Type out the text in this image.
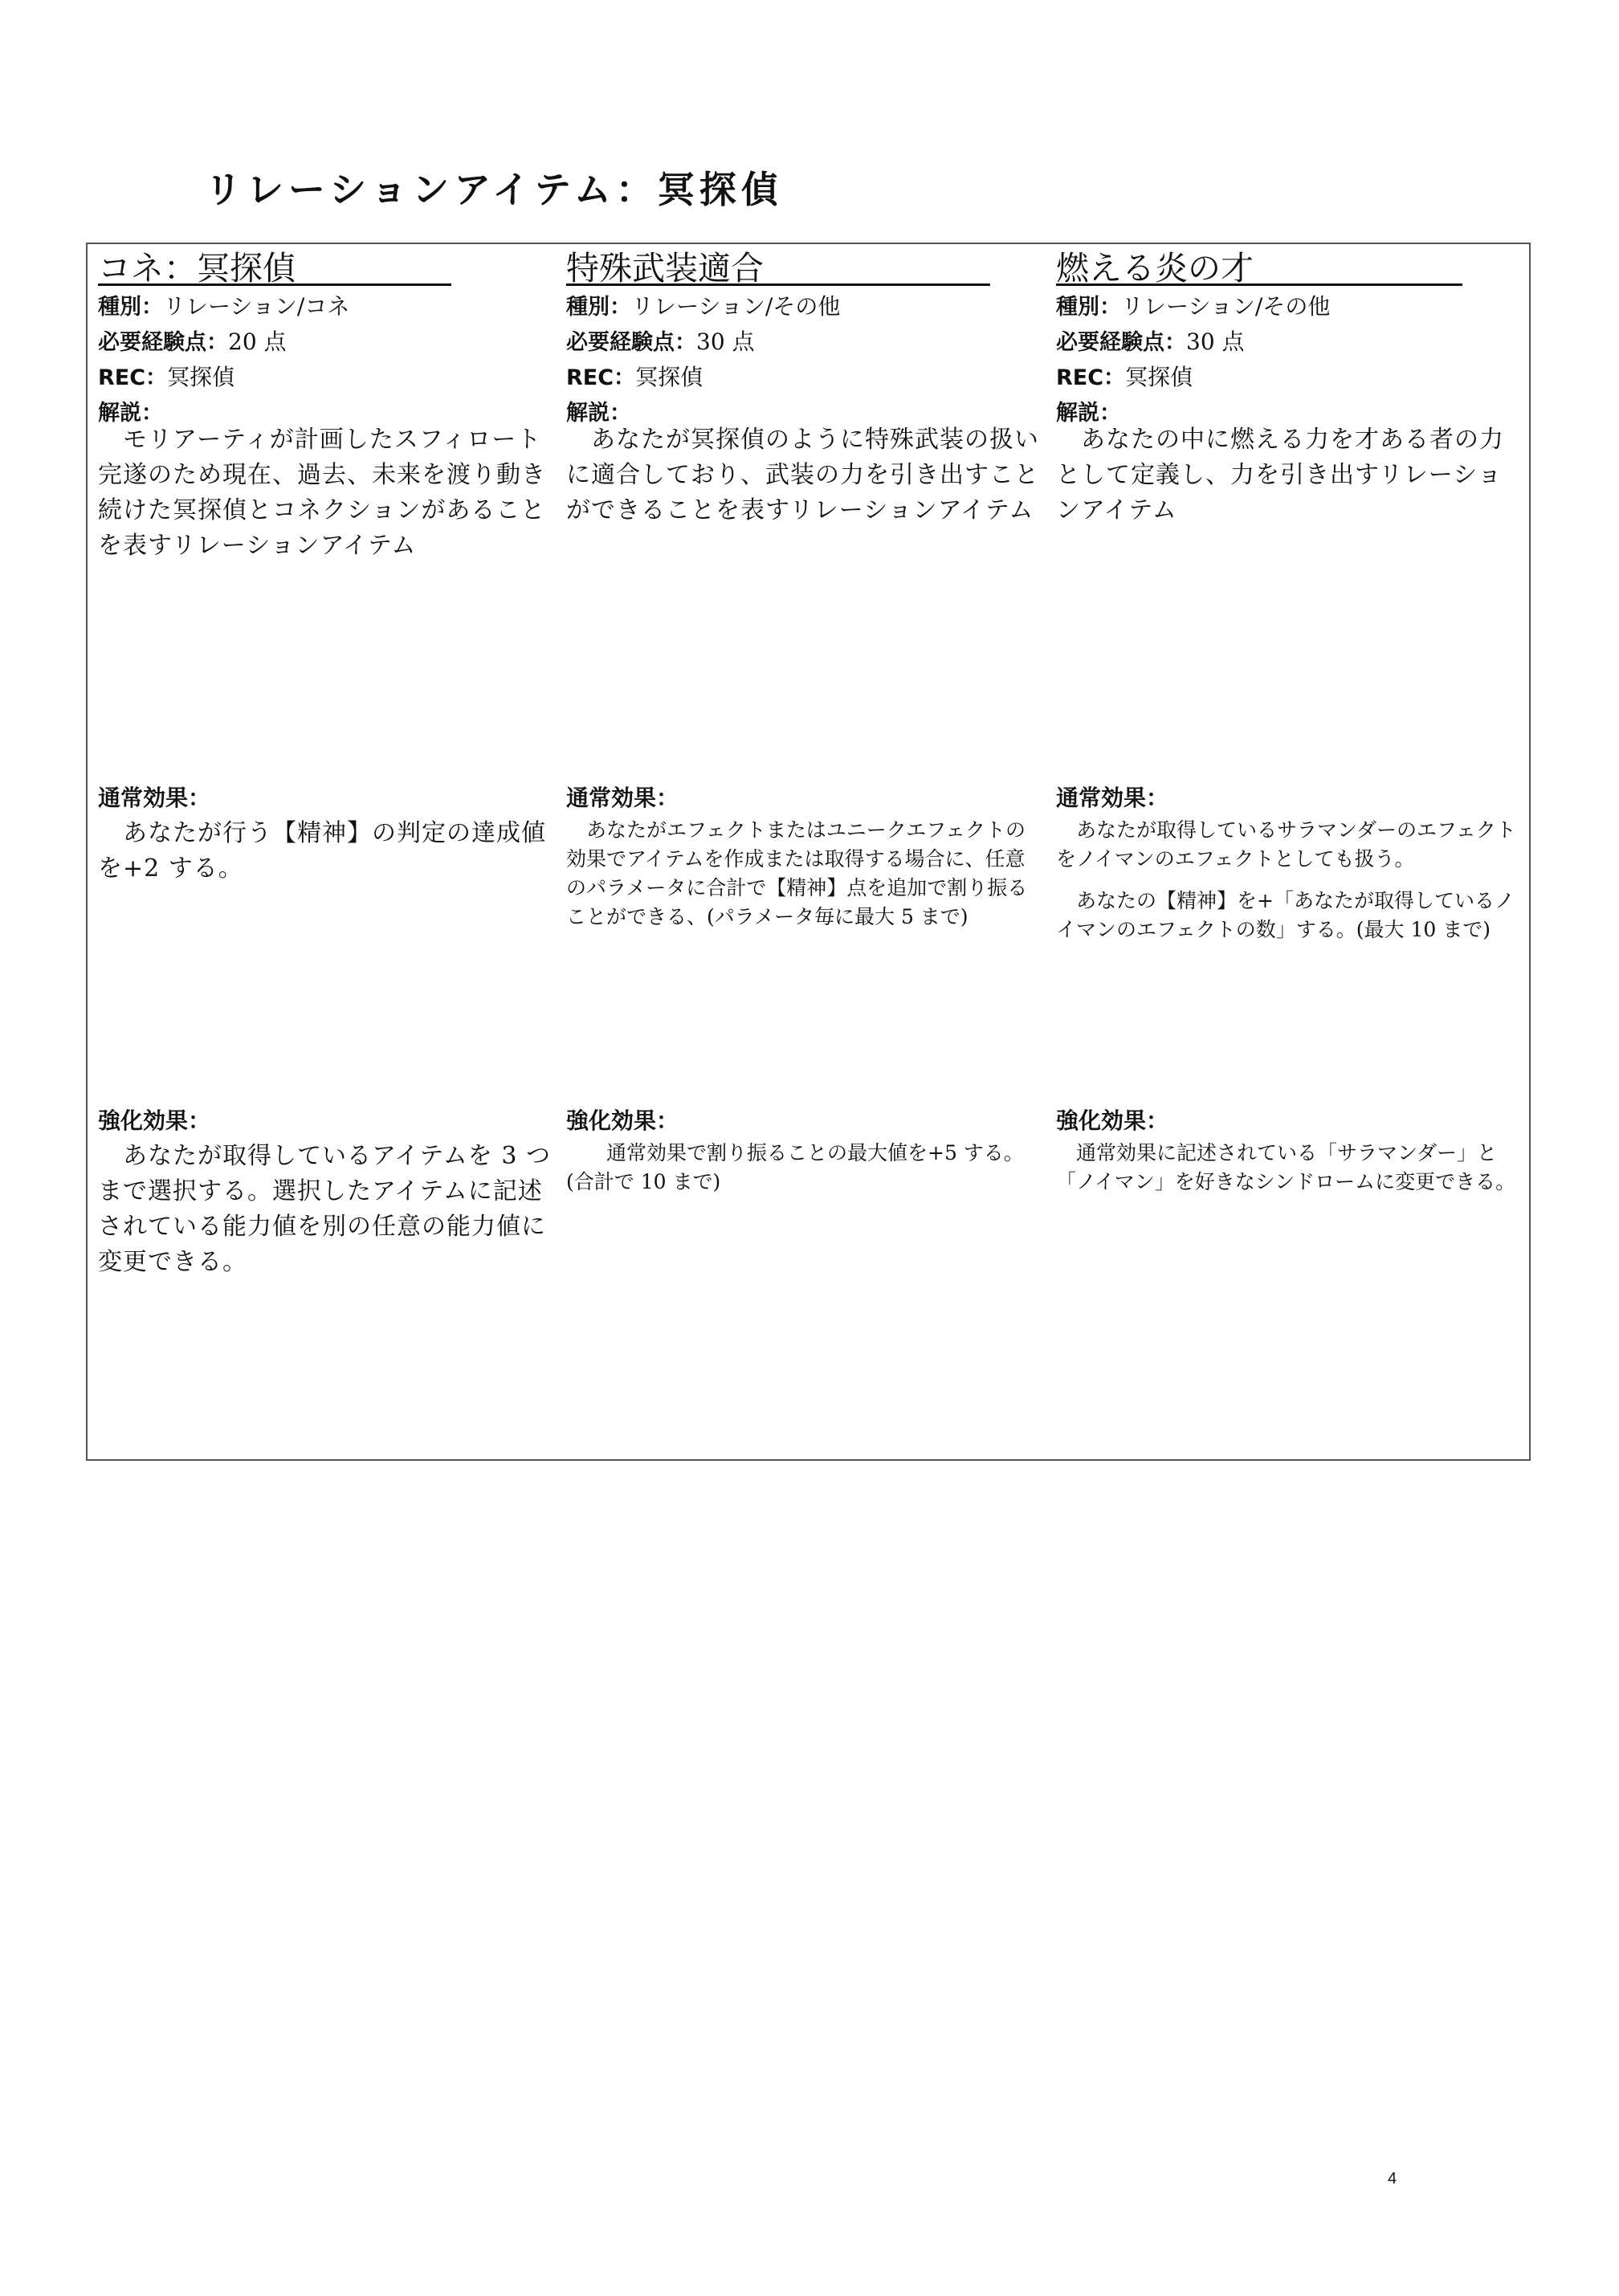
リレーションアイテム：冥探偵
コネ：冥探偵
種別：リレーション/コネ
必要経験点：20 点
REC：冥探偵
解説：
　モリアーティが計画したスフィロート完遂のため現在、過去、未来を渡り動き続けた冥探偵とコネクションがあることを表すリレーションアイテム
通常効果：

　あなたが行う【精神】の判定の達成値を+2 する。

強化効果：

　あなたが取得しているアイテムを 3 つまで選択する。選択したアイテムに記述されている能力値を別の任意の能力値に変更できる。

特殊武装適合
種別：リレーション/その他
必要経験点：30 点
REC：冥探偵
解説：
　あなたが冥探偵のように特殊武装の扱いに適合しており、武装の力を引き出すことができることを表すリレーションアイテム
通常効果：

　あなたがエフェクトまたはユニークエフェクトの効果でアイテムを作成または取得する場合に、任意のパラメータに合計で【精神】点を追加で割り振ることができる、(パラメータ毎に最大 5 まで)

強化効果：

　　通常効果で割り振ることの最大値を+5 する。(合計で 10 まで)

燃える炎の才
種別：リレーション/その他
必要経験点：30 点
REC：冥探偵
解説：
　あなたの中に燃える力を才ある者の力として定義し、力を引き出すリレーションアイテム
通常効果：

　あなたが取得しているサラマンダーのエフェクトをノイマンのエフェクトとしても扱う。

　あなたの【精神】を+「あなたが取得しているノイマンのエフェクトの数」する。(最大 10 まで)

強化効果：

　通常効果に記述されている「サラマンダー」と「ノイマン」を好きなシンドロームに変更できる。

4
